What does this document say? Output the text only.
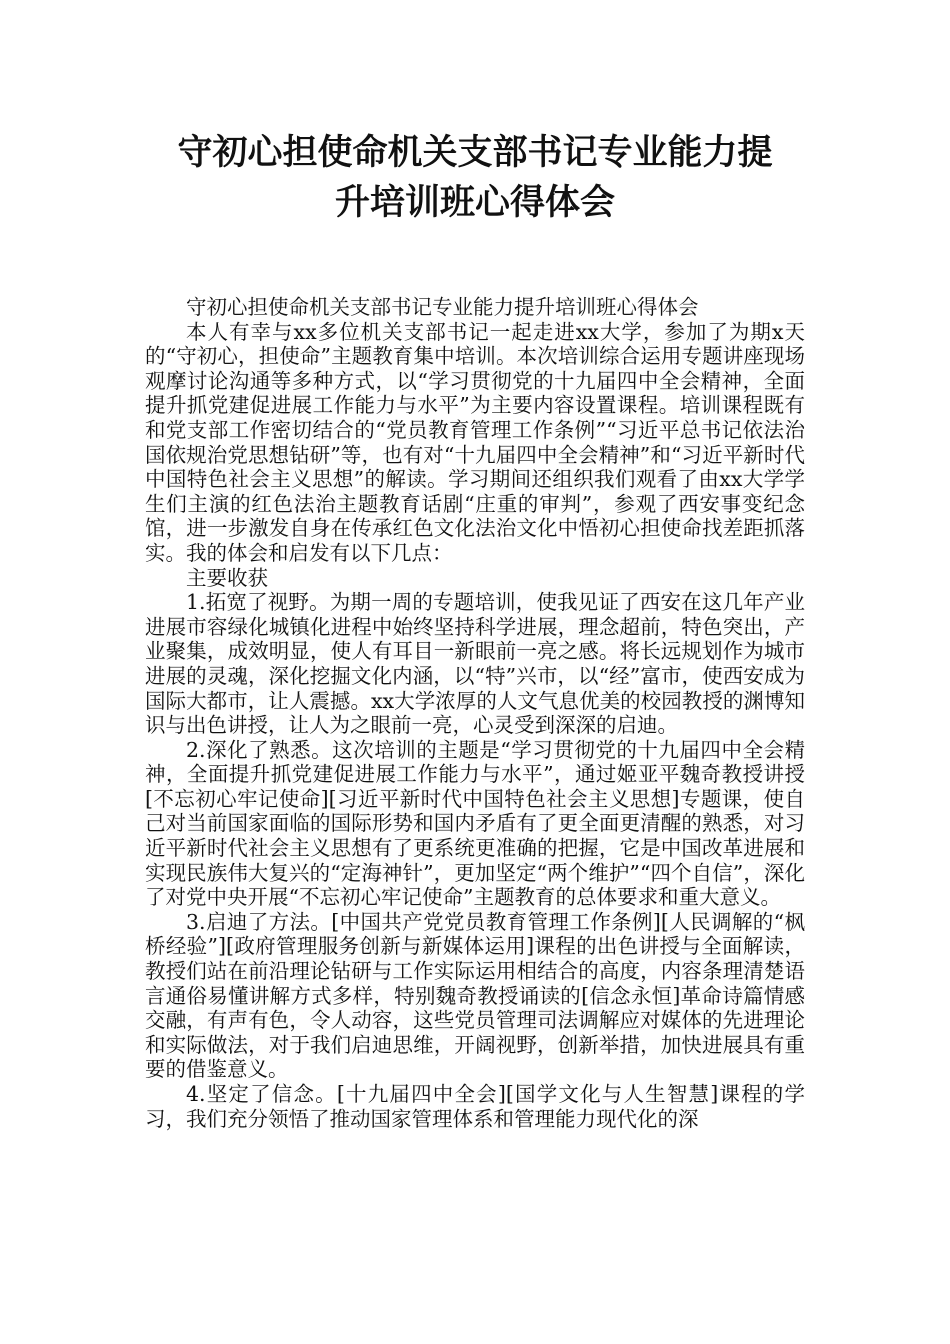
守初心担使命机关支部书记专业能力提
升培训班心得体会

守初心担使命机关支部书记专业能力提升培训班心得体会

本人有幸与xx多位机关支部书记一起走进xx大学，参加了为期x天的“守初心，担使命”主题教育集中培训。本次培训综合运用专题讲座现场观摩讨论沟通等多种方式，以“学习贯彻党的十九届四中全会精神，全面提升抓党建促进展工作能力与水平”为主要内容设置课程。培训课程既有和党支部工作密切结合的“党员教育管理工作条例”“习近平总书记依法治国依规治党思想钻研”等，也有对“十九届四中全会精神”和“习近平新时代中国特色社会主义思想”的解读。学习期间还组织我们观看了由xx大学学生们主演的红色法治主题教育话剧“庄重的审判”，参观了西安事变纪念馆，进一步激发自身在传承红色文化法治文化中悟初心担使命找差距抓落实。我的体会和启发有以下几点：

主要收获

1.拓宽了视野。为期一周的专题培训，使我见证了西安在这几年产业进展市容绿化城镇化进程中始终坚持科学进展，理念超前，特色突出，产业聚集，成效明显，使人有耳目一新眼前一亮之感。将长远规划作为城市进展的灵魂，深化挖掘文化内涵，以“特”兴市，以“经”富市，使西安成为国际大都市，让人震撼。xx大学浓厚的人文气息优美的校园教授的渊博知识与出色讲授，让人为之眼前一亮，心灵受到深深的启迪。

2.深化了熟悉。这次培训的主题是“学习贯彻党的十九届四中全会精神，全面提升抓党建促进展工作能力与水平”，通过姬亚平魏奇教授讲授[不忘初心牢记使命][习近平新时代中国特色社会主义思想]专题课，使自己对当前国家面临的国际形势和国内矛盾有了更全面更清醒的熟悉，对习近平新时代社会主义思想有了更系统更准确的把握，它是中国改革进展和实现民族伟大复兴的“定海神针”，更加坚定“两个维护”“四个自信”，深化了对党中央开展“不忘初心牢记使命”主题教育的总体要求和重大意义。

3.启迪了方法。[中国共产党党员教育管理工作条例][人民调解的“枫桥经验”][政府管理服务创新与新媒体运用]课程的出色讲授与全面解读，教授们站在前沿理论钻研与工作实际运用相结合的高度，内容条理清楚语言通俗易懂讲解方式多样，特别魏奇教授诵读的[信念永恒]革命诗篇情感交融，有声有色，令人动容，这些党员管理司法调解应对媒体的先进理论和实际做法，对于我们启迪思维，开阔视野，创新举措，加快进展具有重要的借鉴意义。

4.坚定了信念。[十九届四中全会][国学文化与人生智慧]课程的学习，我们充分领悟了推动国家管理体系和管理能力现代化的深
